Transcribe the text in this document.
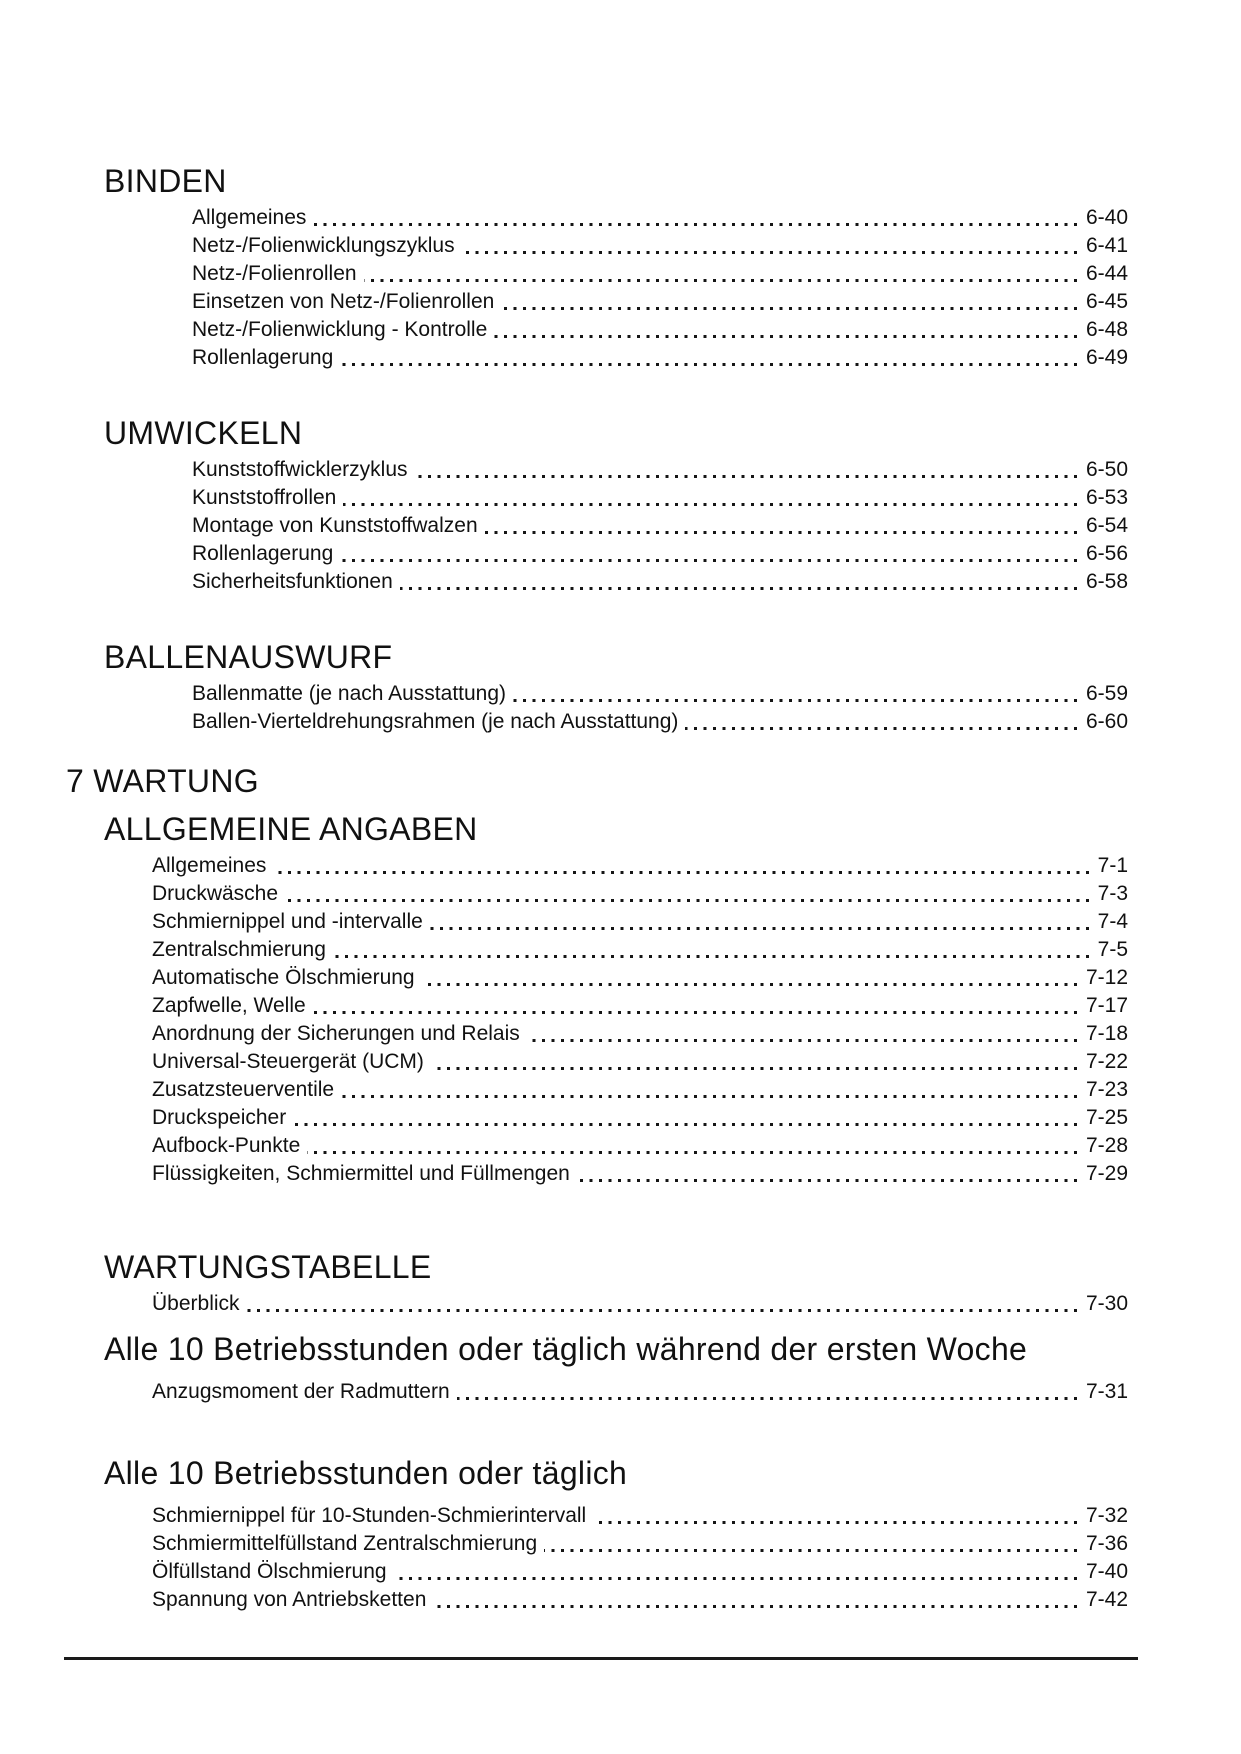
BINDEN
Allgemeines	6-40
Netz-/Folienwicklungszyklus	6-41
Netz-/Folienrollen	6-44
Einsetzen von Netz-/Folienrollen	6-45
Netz-/Folienwicklung - Kontrolle	6-48
Rollenlagerung	6-49
UMWICKELN
Kunststoffwicklerzyklus	6-50
Kunststoffrollen	6-53
Montage von Kunststoffwalzen	6-54
Rollenlagerung	6-56
Sicherheitsfunktionen	6-58
BALLENAUSWURF
Ballenmatte (je nach Ausstattung)	6-59
Ballen-Vierteldrehungsrahmen (je nach Ausstattung)	6-60
7 WARTUNG
ALLGEMEINE ANGABEN
Allgemeines	7-1
Druckwäsche	7-3
Schmiernippel und -intervalle	7-4
Zentralschmierung	7-5
Automatische Ölschmierung	7-12
Zapfwelle, Welle	7-17
Anordnung der Sicherungen und Relais	7-18
Universal-Steuergerät (UCM)	7-22
Zusatzsteuerventile	7-23
Druckspeicher	7-25
Aufbock-Punkte	7-28
Flüssigkeiten, Schmiermittel und Füllmengen	7-29
WARTUNGSTABELLE
Überblick	7-30
Alle 10 Betriebsstunden oder täglich während der ersten Woche
Anzugsmoment der Radmuttern	7-31
Alle 10 Betriebsstunden oder täglich
Schmiernippel für 10-Stunden-Schmierintervall	7-32
Schmiermittelfüllstand Zentralschmierung	7-36
Ölfüllstand Ölschmierung	7-40
Spannung von Antriebsketten	7-42
